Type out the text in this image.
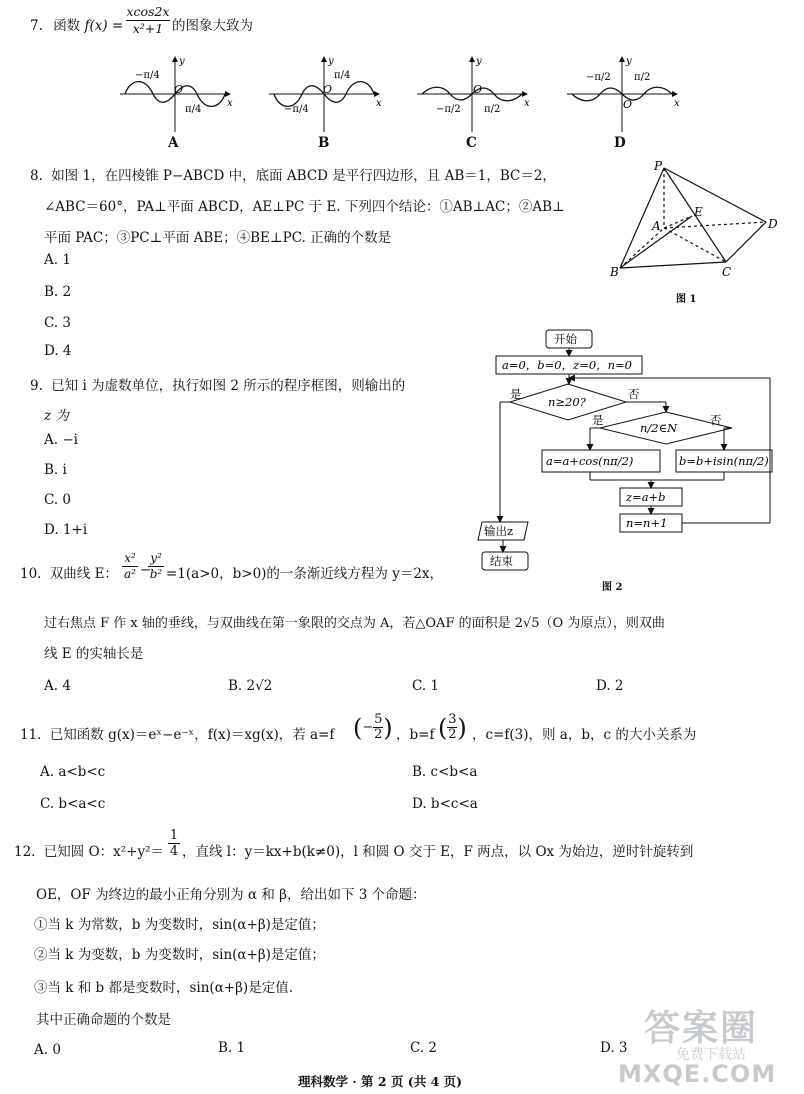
7. 函数 f(x) =
xcos2x
x²+1 的图象大致为
−π/4
π/4
O
x
y
−π/4
π/4
O
x
y
−π/2 π/2
O
x
y
−π/2 π/2
O	x
y
A	B	C	D
8. 如图 1，在四棱锥 P−ABCD 中，底面 ABCD 是平行四边形，且 AB＝1，BC＝2，
∠ABC＝60°，PA⊥平面 ABCD，AE⊥PC 于 E. 下列四个结论：①AB⊥AC；②AB⊥
平面 PAC；③PC⊥平面 ABE；④BE⊥PC. 正确的个数是
A. 1
B. 2
C. 3
D. 4
P
A
B	C
D
E
图 1
9. 已知 i 为虚数单位，执行如图 2 所示的程序框图，则输出的
z 为
A. −i
B. i
C. 0
D. 1+i
开始
a=0，b=0，z=0，n=0
n≥20?
是	否
n/2∈N
是	否
a=a+cos(nπ/2)	b=b+isin(nπ/2)
z=a+b
n=n+1
输出z
结束
图 2
10. 双曲线 E：
x²
a² −
y²
b² =1(a>0，b>0)的一条渐近线方程为 y＝2x，
过右焦点 F 作 x 轴的垂线，与双曲线在第一象限的交点为 A，若△OAF 的面积是 2√5（O 为原点），则双曲
线 E 的实轴长是
A. 4	B. 2√2	C. 1	D. 2
11. 已知函数 g(x)＝eˣ−e⁻ˣ，f(x)＝xg(x)，若 a=f (− $\frac{5}{2}$ ) ，b=f ( $\frac{3}{2}$ ) ，c=f(3)，则 a，b，c 的大小关系为
A. a<b<c	B. c<b<a
C. b<a<c	D. b<c<a
12. 已知圆 O：x²+y²＝
1
4 ，直线 l：y＝kx+b(k≠0)，l 和圆 O 交于 E，F 两点，以 Ox 为始边，逆时针旋转到
OE，OF 为终边的最小正角分别为 α 和 β，给出如下 3 个命题：
①当 k 为常数，b 为变数时，sin(α+β)是定值；
②当 k 为变数，b 为变数时，sin(α+β)是定值；
③当 k 和 b 都是变数时，sin(α+β)是定值.
其中正确命题的个数是
A. 0	B. 1	C. 2	D. 3
理科数学 · 第 2 页 (共 4 页)
答案圈
免费下载站
MXQE.COM
